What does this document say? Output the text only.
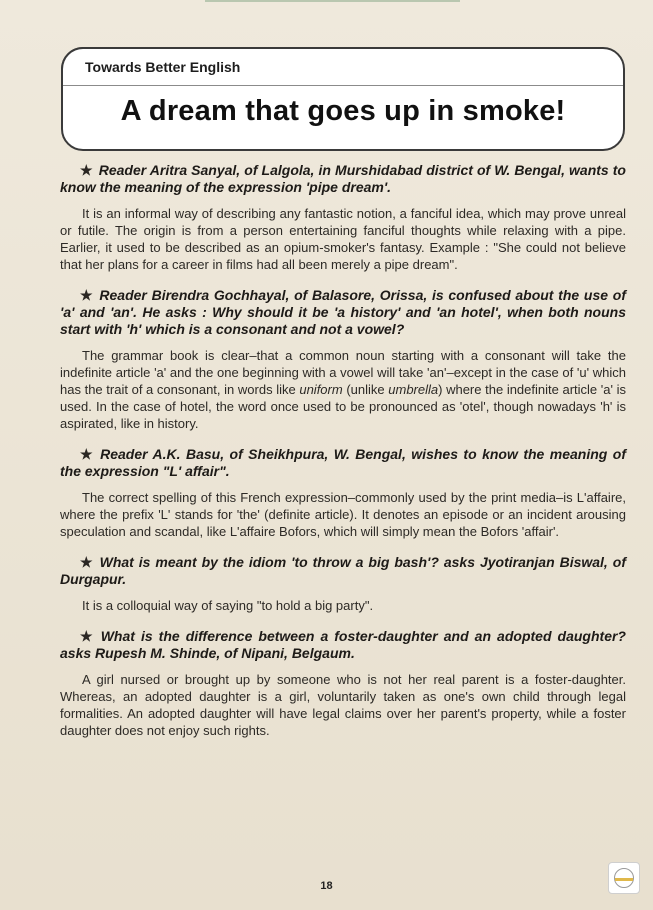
Towards Better English
A dream that goes up in smoke!

★ Reader Aritra Sanyal, of Lalgola, in Murshidabad district of W. Bengal, wants to know the meaning of the expression 'pipe dream'.

It is an informal way of describing any fantastic notion, a fanciful idea, which may prove unreal or futile. The origin is from a person entertaining fanciful thoughts while relaxing with a pipe. Earlier, it used to be described as an opium-smoker's fantasy. Example : "She could not believe that her plans for a career in films had all been merely a pipe dream".

★ Reader Birendra Gochhayal, of Balasore, Orissa, is confused about the use of 'a' and 'an'. He asks : Why should it be 'a history' and 'an hotel', when both nouns start with 'h' which is a consonant and not a vowel?

The grammar book is clear–that a common noun starting with a consonant will take the indefinite article 'a' and the one beginning with a vowel will take 'an'–except in the case of 'u' which has the trait of a consonant, in words like uniform (unlike umbrella) where the indefinite article 'a' is used. In the case of hotel, the word once used to be pronounced as 'otel', though nowadays 'h' is aspirated, like in history.

★ Reader A.K. Basu, of Sheikhpura, W. Bengal, wishes to know the meaning of the expression "L' affair".

The correct spelling of this French expression–commonly used by the print media–is L'affaire, where the prefix 'L' stands for 'the' (definite article). It denotes an episode or an incident arousing speculation and scandal, like L'affaire Bofors, which will simply mean the Bofors 'affair'.

★ What is meant by the idiom 'to throw a big bash'? asks Jyotiranjan Biswal, of Durgapur.

It is a colloquial way of saying "to hold a big party".

★ What is the difference between a foster-daughter and an adopted daughter? asks Rupesh M. Shinde, of Nipani, Belgaum.

A girl nursed or brought up by someone who is not her real parent is a foster-daughter. Whereas, an adopted daughter is a girl, voluntarily taken as one's own child through legal formalities. An adopted daughter will have legal claims over her parent's property, while a foster daughter does not enjoy such rights.

18
